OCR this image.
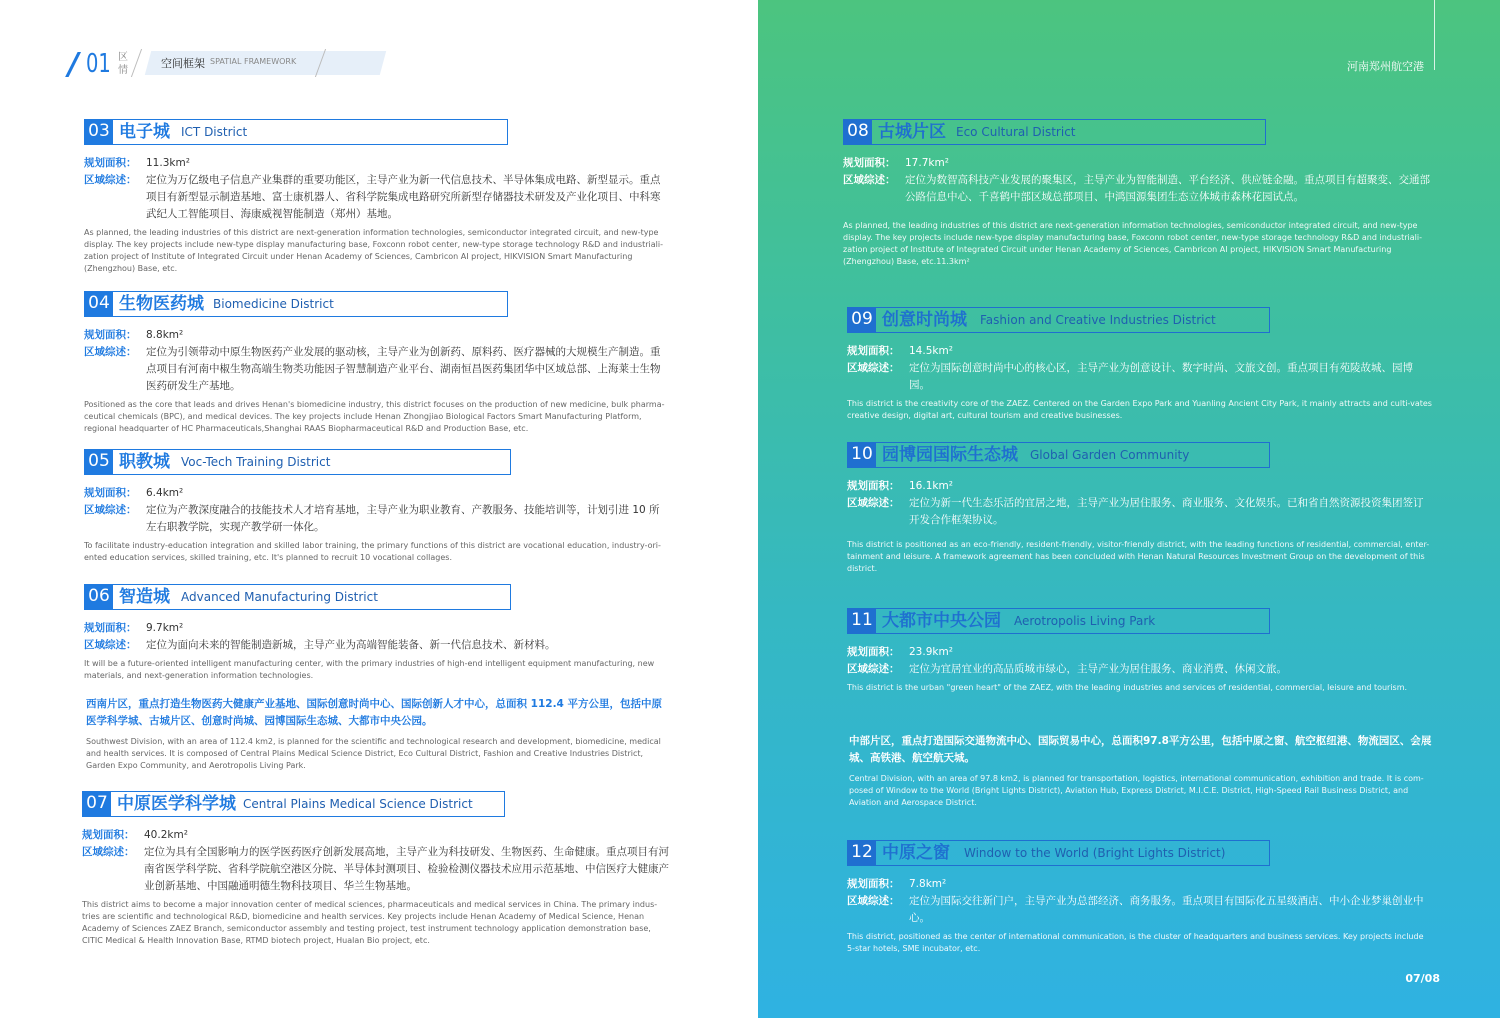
/ 01 区情
空间框架 SPATIAL FRAMEWORK
03 电子城 ICT District
规划面积： 11.3km²
区域综述： 定位为万亿级电子信息产业集群的重要功能区，主导产业为新一代信息技术、半导体集成电路、新型显示。重点项目有新型显示制造基地、富士康机器人、省科学院集成电路研究所新型存储器技术研发及产业化项目、中科寒武纪人工智能项目、海康威视智能制造（郑州）基地。
As planned, the leading industries of this district are next-generation information technologies, semiconductor integrated circuit, and new-type display. The key projects include new-type display manufacturing base, Foxconn robot center, new-type storage technology R&D and industriali-zation project of Institute of Integrated Circuit under Henan Academy of Sciences, Cambricon AI project, HIKVISION Smart Manufacturing (Zhengzhou) Base, etc.
04 生物医药城 Biomedicine District
规划面积： 8.8km²
区域综述： 定位为引领带动中原生物医药产业发展的驱动核，主导产业为创新药、原料药、医疗器械的大规模生产制造。重点项目有河南中椒生物高端生物类功能因子智慧制造产业平台、湖南恒昌医药集团华中区域总部、上海莱士生物医药研发生产基地。
Positioned as the core that leads and drives Henan's biomedicine industry, this district focuses on the production of new medicine, bulk pharma-ceutical chemicals (BPC), and medical devices. The key projects include Henan Zhongjiao Biological Factors Smart Manufacturing Platform, regional headquarter of HC Pharmaceuticals,Shanghai RAAS Biopharmaceutical R&D and Production Base, etc.
05 职教城 Voc-Tech Training District
规划面积： 6.4km²
区域综述： 定位为产教深度融合的技能技术人才培育基地，主导产业为职业教育、产教服务、技能培训等，计划引进 10 所左右职教学院，实现产教学研一体化。
To facilitate industry-education integration and skilled labor training, the primary functions of this district are vocational education, industry-ori-ented education services, skilled training, etc. It's planned to recruit 10 vocational collages.
06 智造城 Advanced Manufacturing District
规划面积： 9.7km²
区域综述： 定位为面向未来的智能制造新城，主导产业为高端智能装备、新一代信息技术、新材料。
It will be a future-oriented intelligent manufacturing center, with the primary industries of high-end intelligent equipment manufacturing, new materials, and next-generation information technologies.
西南片区，重点打造生物医药大健康产业基地、国际创意时尚中心、国际创新人才中心，总面积 112.4 平方公里，包括中原医学科学城、古城片区、创意时尚城、园博国际生态城、大都市中央公园。
Southwest Division, with an area of 112.4 km2, is planned for the scientific and technological research and development, biomedicine, medical and health services. It is composed of Central Plains Medical Science District, Eco Cultural District, Fashion and Creative Industries District, Garden Expo Community, and Aerotropolis Living Park.
07 中原医学科学城 Central Plains Medical Science District
规划面积： 40.2km²
区域综述： 定位为具有全国影响力的医学医药医疗创新发展高地，主导产业为科技研发、生物医药、生命健康。重点项目有河南省医学科学院、省科学院航空港区分院、半导体封测项目、检验检测仪器技术应用示范基地、中信医疗大健康产业创新基地、中国融通明德生物科技项目、华兰生物基地。
This district aims to become a major innovation center of medical sciences, pharmaceuticals and medical services in China. The primary indus-tries are scientific and technological R&D, biomedicine and health services. Key projects include Henan Academy of Medical Science, Henan Academy of Sciences ZAEZ Branch, semiconductor assembly and testing project, test instrument technology application demonstration base, CITIC Medical & Health Innovation Base, RTMD biotech project, Hualan Bio project, etc.
河南郑州航空港
08 古城片区 Eco Cultural District
规划面积： 17.7km²
区域综述： 定位为数智高科技产业发展的聚集区，主导产业为智能制造、平台经济、供应链金融。重点项目有超聚变、交通部公路信息中心、千喜鹤中部区域总部项目、中鸿国源集团生态立体城市森林花园试点。
As planned, the leading industries of this district are next-generation information technologies, semiconductor integrated circuit, and new-type display. The key projects include new-type display manufacturing base, Foxconn robot center, new-type storage technology R&D and industriali-zation project of Institute of Integrated Circuit under Henan Academy of Sciences, Cambricon AI project, HIKVISION Smart Manufacturing (Zhengzhou) Base, etc.11.3km²
09 创意时尚城 Fashion and Creative Industries District
规划面积： 14.5km²
区域综述： 定位为国际创意时尚中心的核心区，主导产业为创意设计、数字时尚、文旅文创。重点项目有苑陵故城、园博园。
This district is the creativity core of the ZAEZ. Centered on the Garden Expo Park and Yuanling Ancient City Park, it mainly attracts and culti-vates creative design, digital art, cultural tourism and creative businesses.
10 园博园国际生态城 Global Garden Community
规划面积： 16.1km²
区域综述： 定位为新一代生态乐活的宜居之地，主导产业为居住服务、商业服务、文化娱乐。已和省自然资源投资集团签订开发合作框架协议。
This district is positioned as an eco-friendly, resident-friendly, visitor-friendly district, with the leading functions of residential, commercial, enter-tainment and leisure. A framework agreement has been concluded with Henan Natural Resources Investment Group on the development of this district.
11 大都市中央公园 Aerotropolis Living Park
规划面积： 23.9km²
区域综述： 定位为宜居宜业的高品质城市绿心，主导产业为居住服务、商业消费、休闲文旅。
This district is the urban "green heart" of the ZAEZ, with the leading industries and services of residential, commercial, leisure and tourism.
中部片区，重点打造国际交通物流中心、国际贸易中心，总面积97.8平方公里，包括中原之窗、航空枢纽港、物流园区、会展城、高铁港、航空航天城。
Central Division, with an area of 97.8 km2, is planned for transportation, logistics, international communication, exhibition and trade. It is com-posed of Window to the World (Bright Lights District), Aviation Hub, Express District, M.I.C.E. District, High-Speed Rail Business District, and Aviation and Aerospace District.
12 中原之窗 Window to the World (Bright Lights District)
规划面积： 7.8km²
区域综述： 定位为国际交往新门户，主导产业为总部经济、商务服务。重点项目有国际化五星级酒店、中小企业梦巢创业中心。
This district, positioned as the center of international communication, is the cluster of headquarters and business services. Key projects include 5-star hotels, SME incubator, etc.
07/08
